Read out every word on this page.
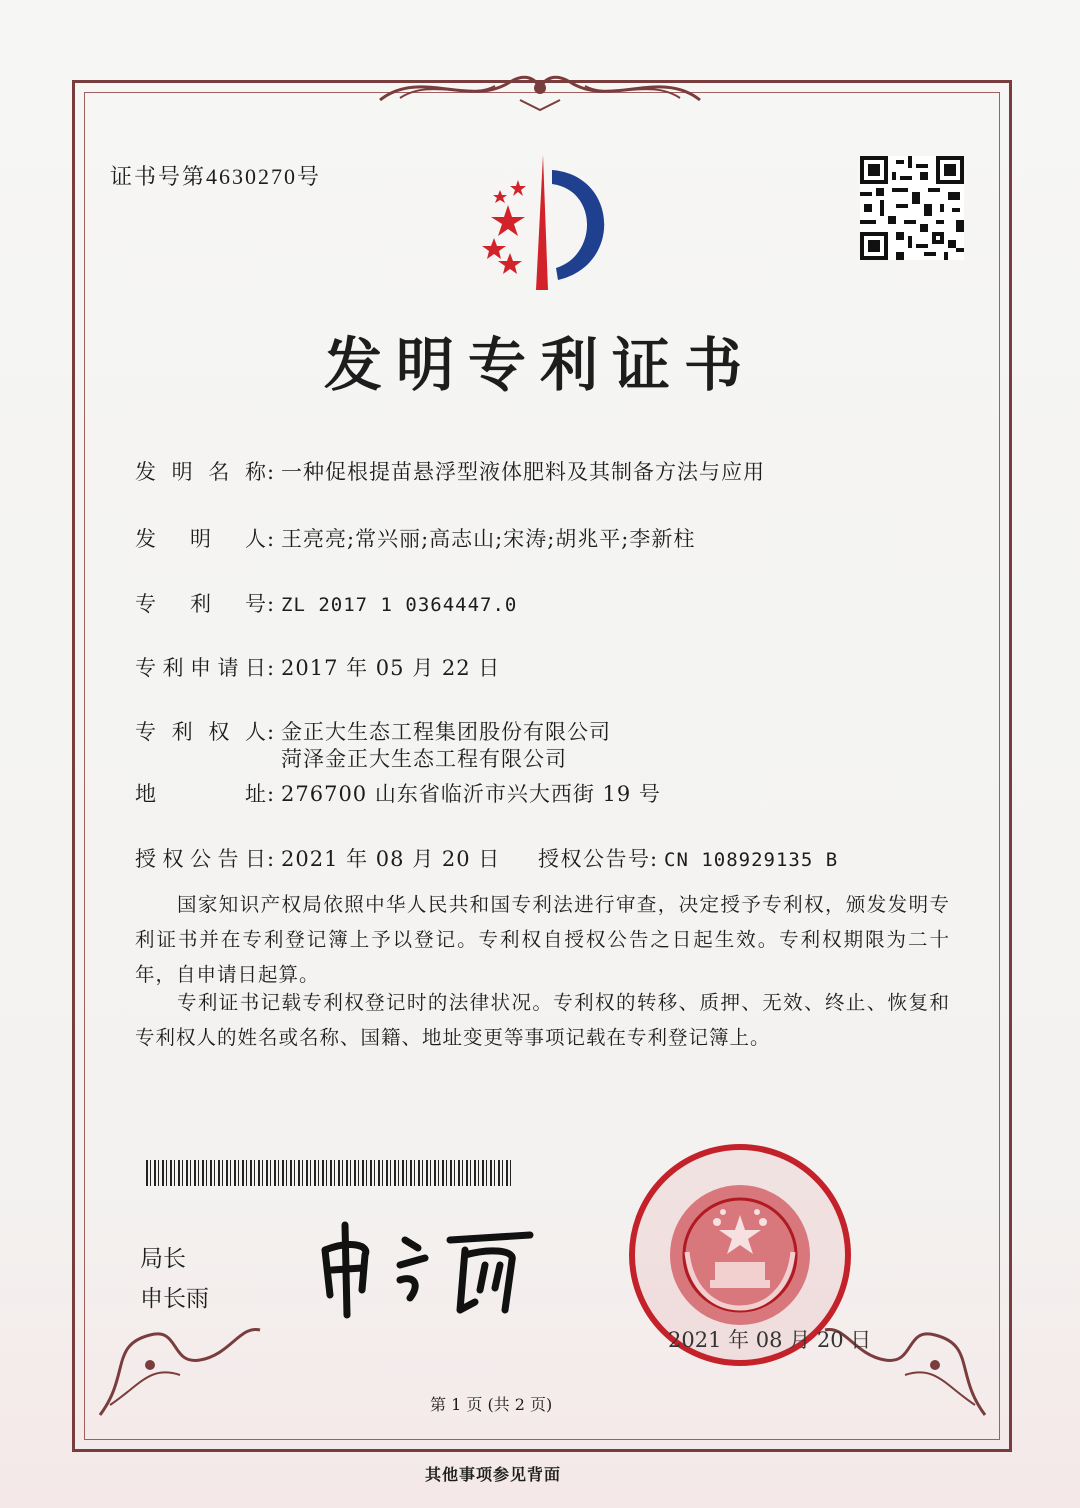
证书号第4630270号
发明专利证书
发明名称: 一种促根提苗悬浮型液体肥料及其制备方法与应用
发明人: 王亮亮;常兴丽;高志山;宋涛;胡兆平;李新柱
专利号: ZL 2017 1 0364447.0
专利申请日: 2017 年 05 月 22 日
专利权人: 金正大生态工程集团股份有限公司
菏泽金正大生态工程有限公司
地址: 276700 山东省临沂市兴大西街 19 号
授权公告日: 2021 年 08 月 20 日 授权公告号: CN 108929135 B
国家知识产权局依照中华人民共和国专利法进行审查，决定授予专利权，颁发发明专利证书并在专利登记簿上予以登记。专利权自授权公告之日起生效。专利权期限为二十年，自申请日起算。
专利证书记载专利权登记时的法律状况。专利权的转移、质押、无效、终止、恢复和专利权人的姓名或名称、国籍、地址变更等事项记载在专利登记簿上。
局长
申长雨
2021 年 08 月 20 日
第 1 页 (共 2 页)
其他事项参见背面
